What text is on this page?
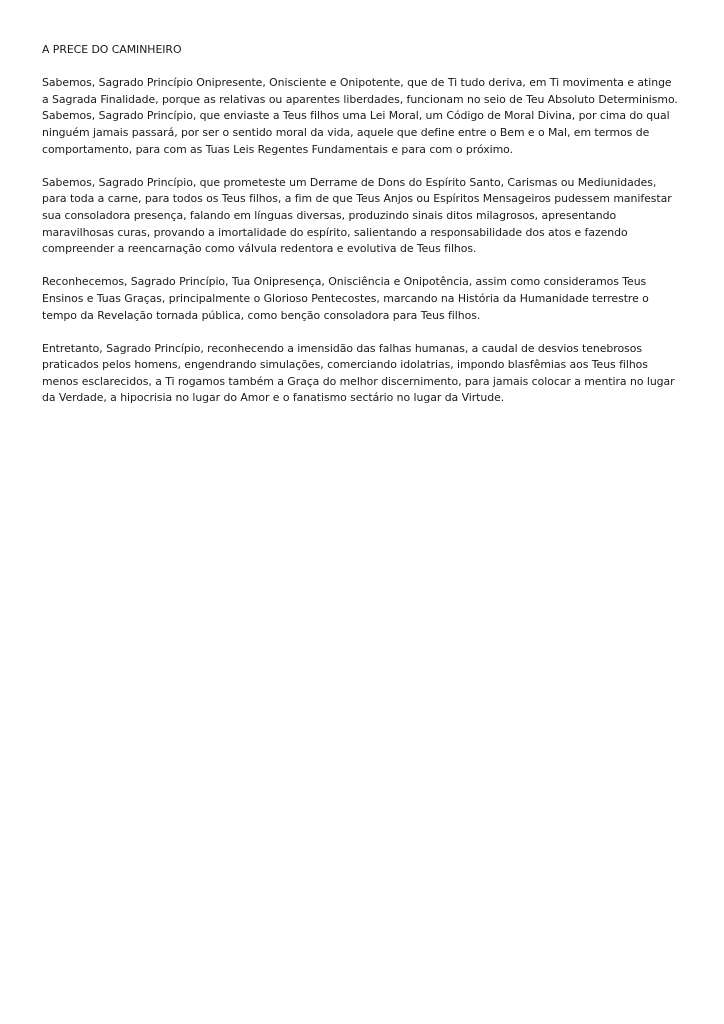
A PRECE DO CAMINHEIRO

Sabemos, Sagrado Princípio Onipresente, Onisciente e Onipotente, que de Ti tudo deriva, em Ti movimenta e atinge a Sagrada Finalidade, porque as relativas ou aparentes liberdades, funcionam no seio de Teu Absoluto Determinismo. Sabemos, Sagrado Princípio, que enviaste a Teus filhos uma Lei Moral, um Código de Moral Divina, por cima do qual ninguém jamais passará, por ser o sentido moral da vida, aquele que define entre o Bem e o Mal, em termos de comportamento, para com as Tuas Leis Regentes Fundamentais e para com o próximo.

Sabemos, Sagrado Princípio, que prometeste um Derrame de Dons do Espírito Santo, Carismas ou Mediunidades, para toda a carne, para todos os Teus filhos, a fim de que Teus Anjos ou Espíritos Mensageiros pudessem manifestar sua consoladora presença, falando em línguas diversas, produzindo sinais ditos milagrosos, apresentando maravilhosas curas, provando a imortalidade do espírito, salientando a responsabilidade dos atos e fazendo compreender a reencarnação como válvula redentora e evolutiva de Teus filhos.

Reconhecemos, Sagrado Princípio, Tua Onipresença, Onisciência e Onipotência, assim como consideramos Teus Ensinos e Tuas Graças, principalmente o Glorioso Pentecostes, marcando na História da Humanidade terrestre o tempo da Revelação tornada pública, como benção consoladora para Teus filhos.

Entretanto, Sagrado Princípio, reconhecendo a imensidão das falhas humanas, a caudal de desvios tenebrosos praticados pelos homens, engendrando simulações, comerciando idolatrias, impondo blasfêmias aos Teus filhos menos esclarecidos, a Ti rogamos também a Graça do melhor discernimento, para jamais colocar a mentira no lugar da Verdade, a hipocrisia no lugar do Amor e o fanatismo sectário no lugar da Virtude.
